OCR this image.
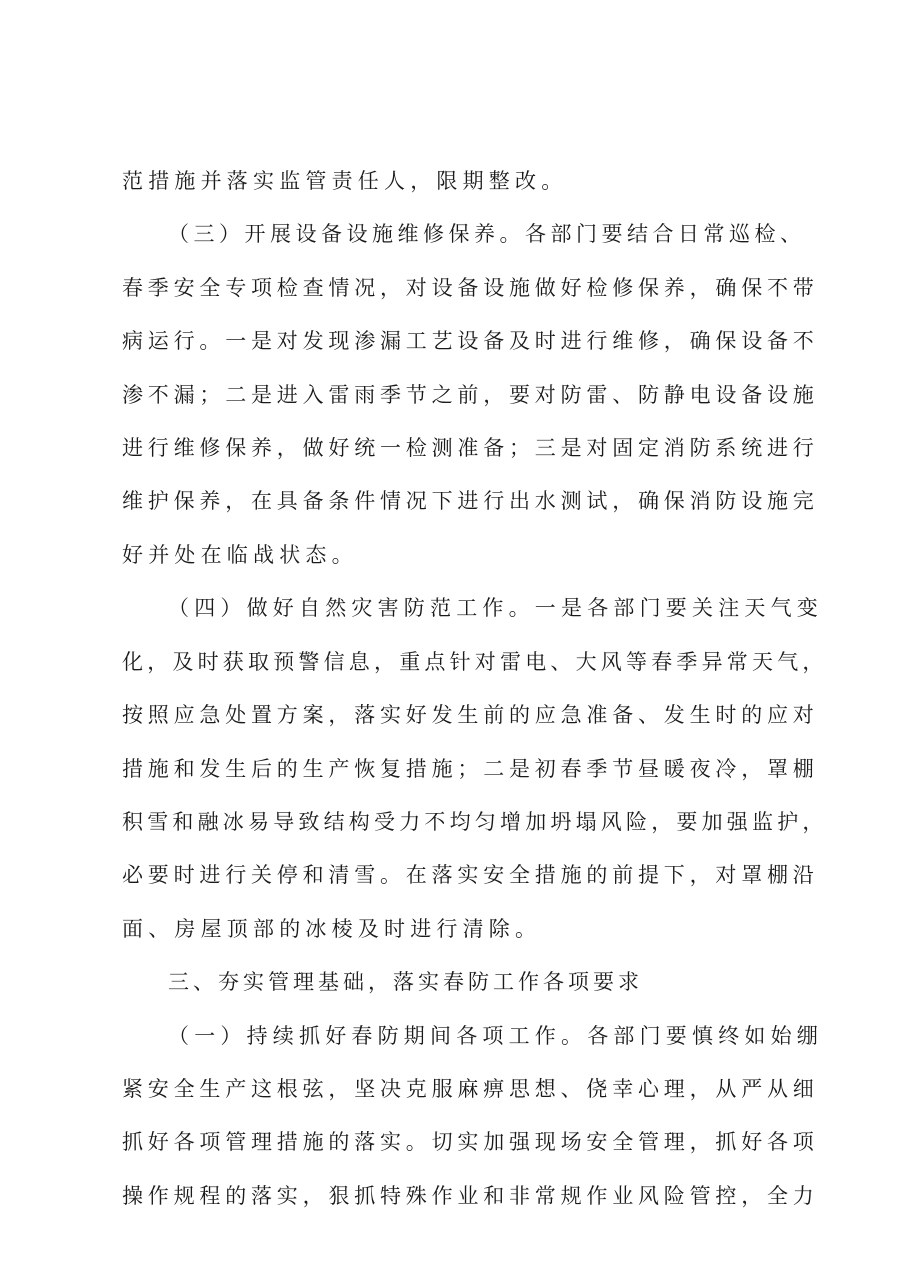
范措施并落实监管责任人，限期整改。

（三）开展设备设施维修保养。各部门要结合日常巡检、

春季安全专项检查情况，对设备设施做好检修保养，确保不带

病运行。一是对发现渗漏工艺设备及时进行维修，确保设备不

渗不漏；二是进入雷雨季节之前，要对防雷、防静电设备设施

进行维修保养，做好统一检测准备；三是对固定消防系统进行

维护保养，在具备条件情况下进行出水测试，确保消防设施完

好并处在临战状态。

（四）做好自然灾害防范工作。一是各部门要关注天气变

化，及时获取预警信息，重点针对雷电、大风等春季异常天气，

按照应急处置方案，落实好发生前的应急准备、发生时的应对

措施和发生后的生产恢复措施；二是初春季节昼暖夜冷，罩棚

积雪和融冰易导致结构受力不均匀增加坍塌风险，要加强监护，

必要时进行关停和清雪。在落实安全措施的前提下，对罩棚沿

面、房屋顶部的冰棱及时进行清除。

三、夯实管理基础，落实春防工作各项要求

（一）持续抓好春防期间各项工作。各部门要慎终如始绷

紧安全生产这根弦，坚决克服麻痹思想、侥幸心理，从严从细

抓好各项管理措施的落实。切实加强现场安全管理，抓好各项

操作规程的落实，狠抓特殊作业和非常规作业风险管控，全力
